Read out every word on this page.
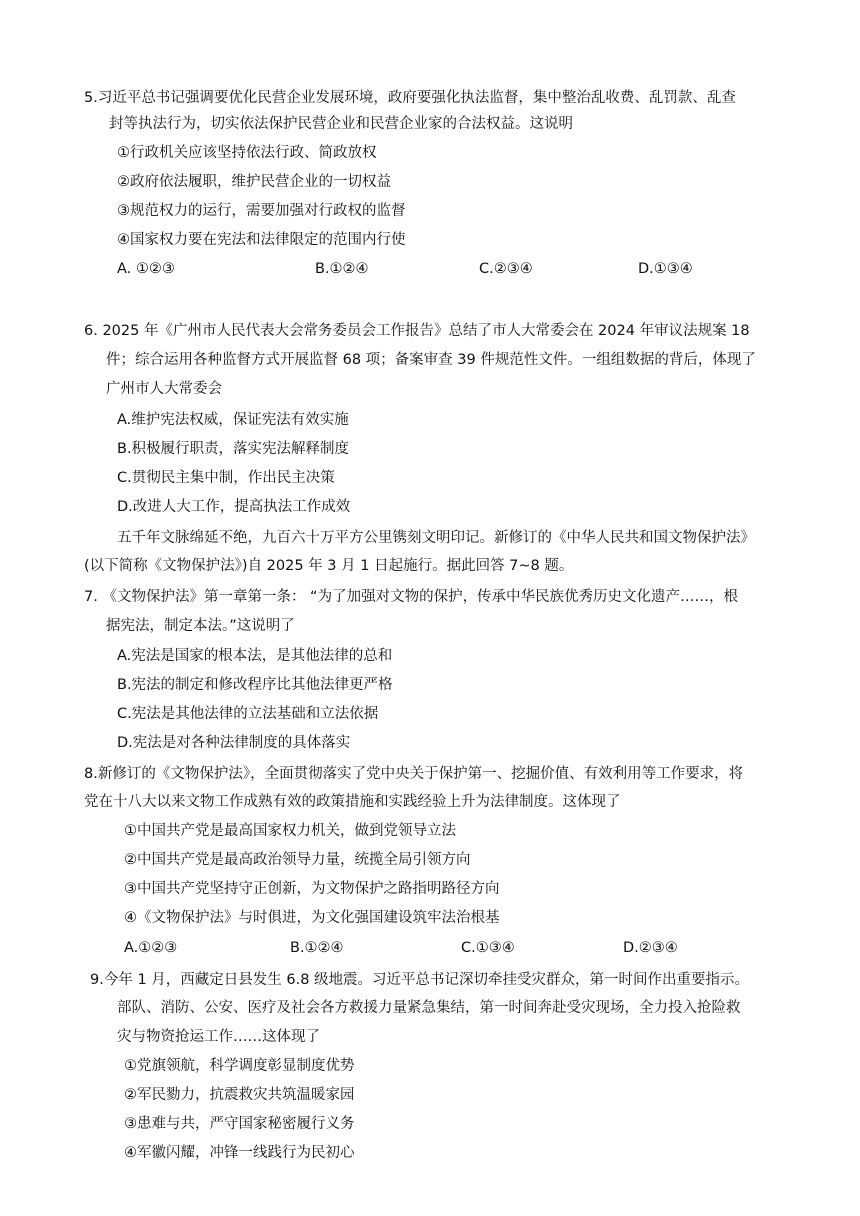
5.习近平总书记强调要优化民营企业发展环境，政府要强化执法监督，集中整治乱收费、乱罚款、乱查
封等执法行为，切实依法保护民营企业和民营企业家的合法权益。这说明
①行政机关应该坚持依法行政、简政放权
②政府依法履职，维护民营企业的一切权益
③规范权力的运行，需要加强对行政权的监督
④国家权力要在宪法和法律限定的范围内行使
A. ①②③	B.①②④	C.②③④	D.①③④
6. 2025 年《广州市人民代表大会常务委员会工作报告》总结了市人大常委会在 2024 年审议法规案 18
件；综合运用各种监督方式开展监督 68 项；备案审查 39 件规范性文件。一组组数据的背后，体现了
广州市人大常委会
A.维护宪法权威，保证宪法有效实施
B.积极履行职责，落实宪法解释制度
C.贯彻民主集中制，作出民主决策
D.改进人大工作，提高执法工作成效
五千年文脉绵延不绝，九百六十万平方公里镌刻文明印记。新修订的《中华人民共和国文物保护法》
(以下简称《文物保护法》)自 2025 年 3 月 1 日起施行。据此回答 7~8 题。
7. 《文物保护法》第一章第一条： “为了加强对文物的保护，传承中华民族优秀历史文化遗产……，根
据宪法，制定本法。”这说明了
A.宪法是国家的根本法，是其他法律的总和
B.宪法的制定和修改程序比其他法律更严格
C.宪法是其他法律的立法基础和立法依据
D.宪法是对各种法律制度的具体落实
8.新修订的《文物保护法》，全面贯彻落实了党中央关于保护第一、挖掘价值、有效利用等工作要求，将
党在十八大以来文物工作成熟有效的政策措施和实践经验上升为法律制度。这体现了
①中国共产党是最高国家权力机关，做到党领导立法
②中国共产党是最高政治领导力量，统揽全局引领方向
③中国共产党坚持守正创新，为文物保护之路指明路径方向
④《文物保护法》与时俱进，为文化强国建设筑牢法治根基
A.①②③	B.①②④	C.①③④	D.②③④
9.今年 1 月，西藏定日县发生 6.8 级地震。习近平总书记深切牵挂受灾群众，第一时间作出重要指示。
部队、消防、公安、医疗及社会各方救援力量紧急集结，第一时间奔赴受灾现场，全力投入抢险救
灾与物资抢运工作……这体现了
①党旗领航，科学调度彰显制度优势
②军民勠力，抗震救灾共筑温暖家园
③患难与共，严守国家秘密履行义务
④军徽闪耀，冲锋一线践行为民初心
